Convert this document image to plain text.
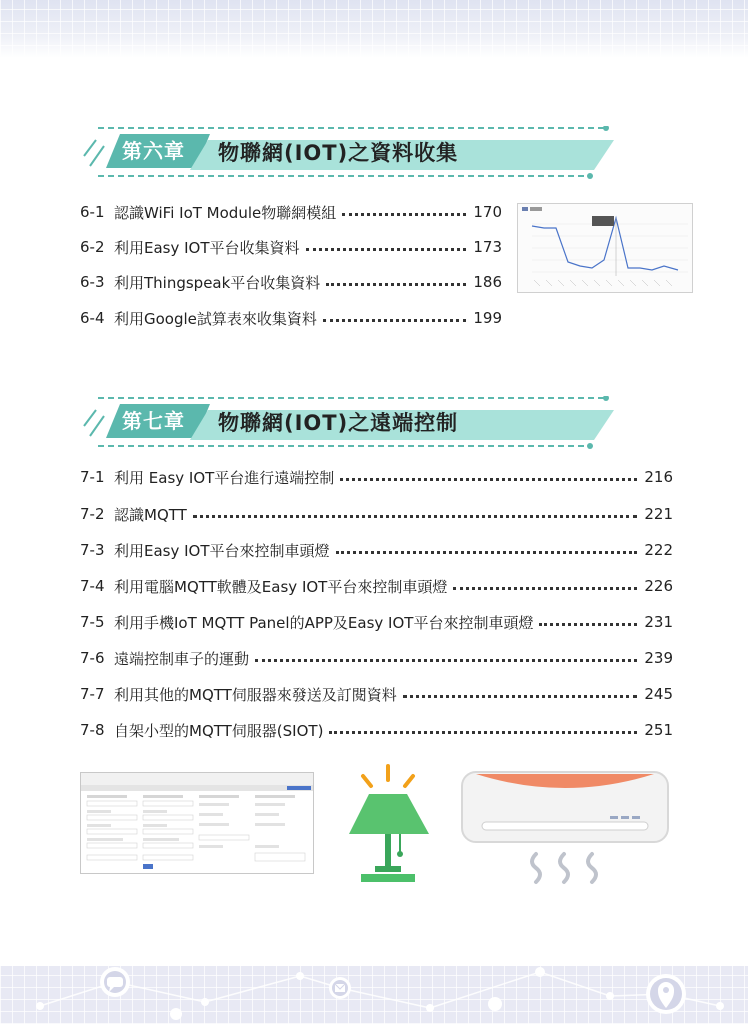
第六章 物聯網(IOT)之資料收集
6-1 認識WiFi IoT Module物聯網模組	170
6-2 利用Easy IOT平台收集資料	173
6-3 利用Thingspeak平台收集資料	186
6-4 利用Google試算表來收集資料	199
第七章 物聯網(IOT)之遠端控制
7-1 利用 Easy IOT平台進行遠端控制	216
7-2 認識MQTT	221
7-3 利用Easy IOT平台來控制車頭燈	222
7-4 利用電腦MQTT軟體及Easy IOT平台來控制車頭燈	226
7-5 利用手機IoT MQTT Panel的APP及Easy IOT平台來控制車頭燈	231
7-6 遠端控制車子的運動	239
7-7 利用其他的MQTT伺服器來發送及訂閱資料	245
7-8 自架小型的MQTT伺服器(SIOT)	251
